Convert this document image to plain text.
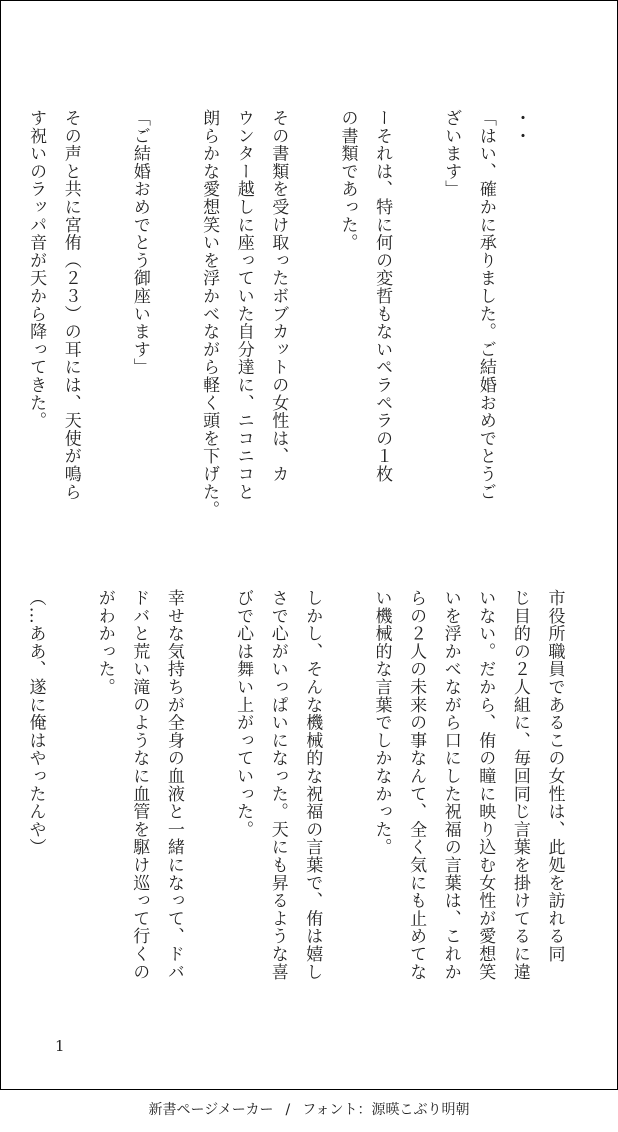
・・
「はい、確かに承りました。ご結婚おめでとうご
ざいます」
ーそれは、特に何の変哲もないペラペラの１枚
の書類であった。
その書類を受け取ったボブカットの女性は、カ
ウンター越しに座っていた自分達に、ニコニコと
朗らかな愛想笑いを浮かべながら軽く頭を下げた。
「ご結婚おめでとう御座います」
その声と共に宮侑（２３）の耳には、天使が鳴ら
す祝いのラッパ音が天から降ってきた。
市役所職員であるこの女性は、此処を訪れる同
じ目的の２人組に、毎回同じ言葉を掛けてるに違
いない。だから、侑の瞳に映り込む女性が愛想笑
いを浮かべながら口にした祝福の言葉は、これか
らの２人の未来の事なんて、全く気にも止めてな
い機械的な言葉でしかなかった。
しかし、そんな機械的な祝福の言葉で、侑は嬉し
さで心がいっぱいになった。天にも昇るような喜
びで心は舞い上がっていった。
幸せな気持ちが全身の血液と一緒になって、ドバ
ドバと荒い滝のようなに血管を駆け巡って行くの
がわかった。
（…ああ、遂に俺はやったんや）
1
新書ページメーカー / フォント：源暎こぶり明朝
